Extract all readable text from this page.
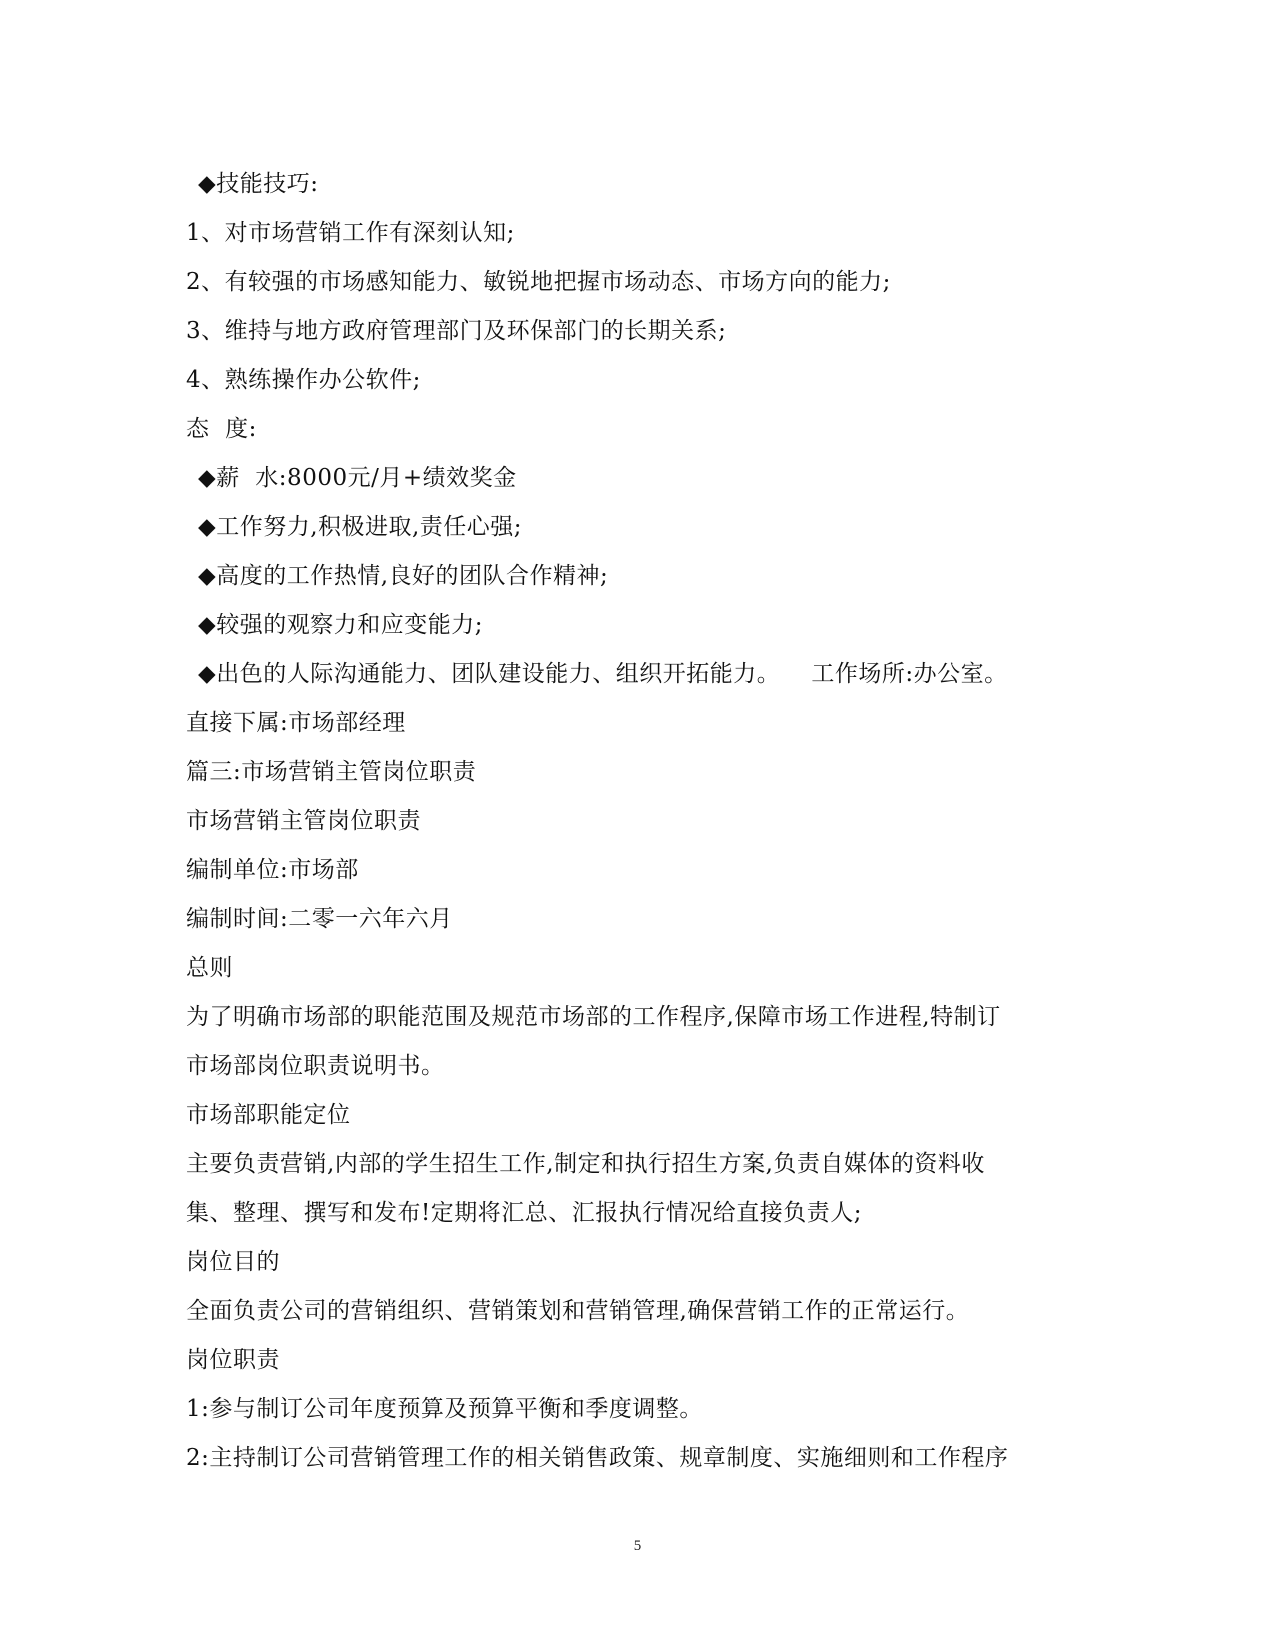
◆技能技巧:
1、对市场营销工作有深刻认知;
2、有较强的市场感知能力、敏锐地把握市场动态、市场方向的能力;
3、维持与地方政府管理部门及环保部门的长期关系;
4、熟练操作办公软件;
态  度:
◆薪  水:8000元/月+绩效奖金
◆工作努力,积极进取,责任心强;
◆高度的工作热情,良好的团队合作精神;
◆较强的观察力和应变能力;
◆出色的人际沟通能力、团队建设能力、组织开拓能力。    工作场所:办公室。
直接下属:市场部经理
篇三:市场营销主管岗位职责
市场营销主管岗位职责
编制单位:市场部
编制时间:二零一六年六月
总则
为了明确市场部的职能范围及规范市场部的工作程序,保障市场工作进程,特制订
市场部岗位职责说明书。
市场部职能定位
主要负责营销,内部的学生招生工作,制定和执行招生方案,负责自媒体的资料收
集、整理、撰写和发布!定期将汇总、汇报执行情况给直接负责人;
岗位目的
全面负责公司的营销组织、营销策划和营销管理,确保营销工作的正常运行。
岗位职责
1:参与制订公司年度预算及预算平衡和季度调整。
2:主持制订公司营销管理工作的相关销售政策、规章制度、实施细则和工作程序
5
